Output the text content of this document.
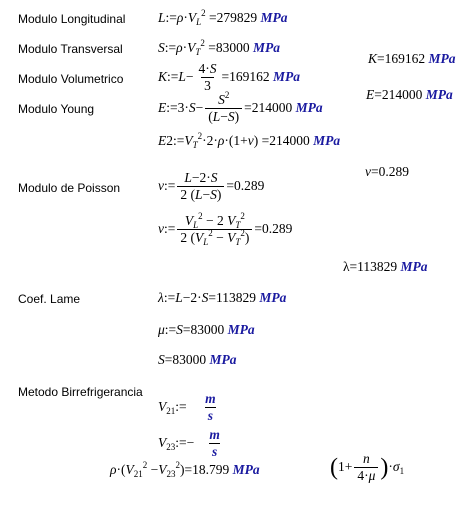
Modulo Longitudinal
Modulo Transversal
Modulo Volumetrico
Modulo Young
Modulo de Poisson
Coef. Lame
Metodo Birrefrigerancia
$L:=\rho\cdot V_L^2 =279829$ MPa
$S:=\rho\cdot V_T^2 =83000$ MPa
K:=L− $\frac{4\cdot S}{3} =169162$ MPa
K=169162 MPa
E:=3·S− $\frac{S^2}{(L-S)} =214000$ MPa
E=214000 MPa
$E2:=V_T^2\cdot 2\cdot\rho\cdot(1+\nu) =214000$ MPa
ν=0.289
ν:= $\frac{L-2\cdot S}{2 (L-S)} =0.289$
ν:= $\frac{V_L^2 - 2 V_T^2}{2 (V_L^2 - V_T^2)} =0.289$
λ=113829 MPa
λ:=L−2·S=113829 MPa
μ:=S=83000 MPa
S=83000 MPa
$V_{21}:= \frac{m}{s}$
$V_{23}:=- \frac{m}{s}$
$\rho\cdot(V_{21}^2 -V_{23}^2)=18.799$ MPa	$(1+ \frac{n}{4\cdot\mu} )\cdot\sigma_1$
